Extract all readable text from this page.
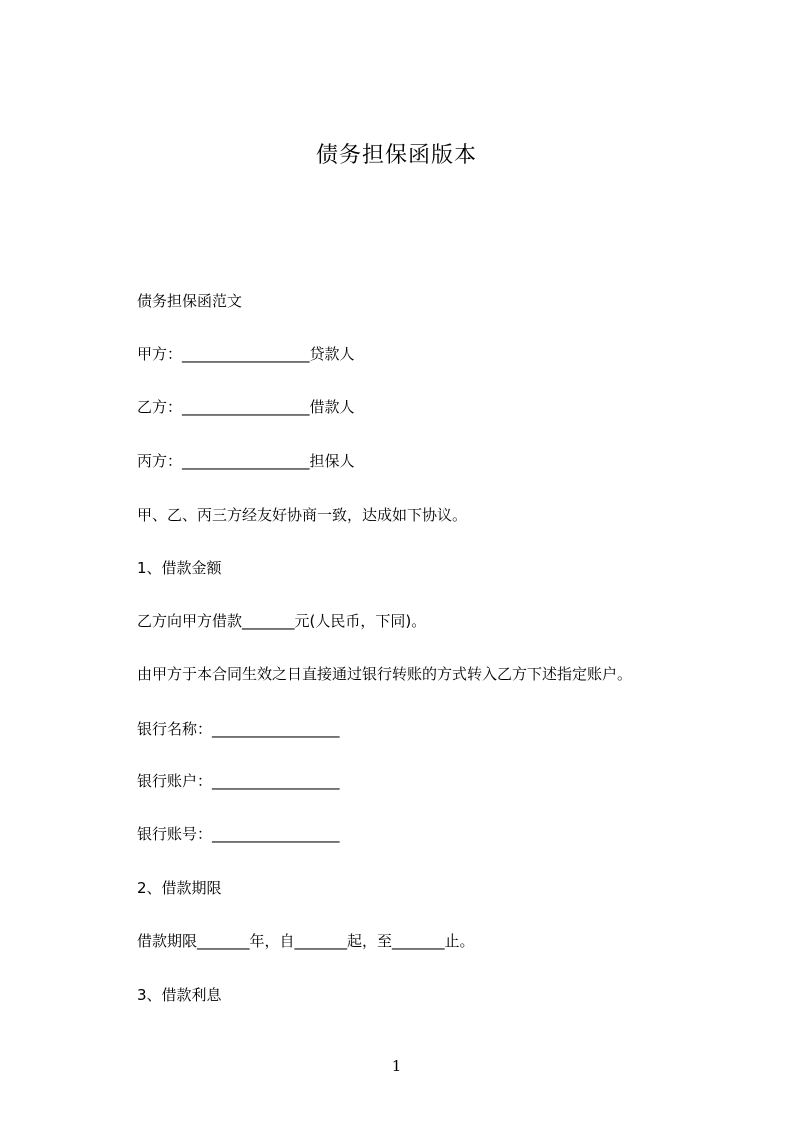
债务担保函版本
债务担保函范文
甲方：_________________贷款人
乙方：_________________借款人
丙方：_________________担保人
甲、乙、丙三方经友好协商一致，达成如下协议。
1、借款金额
乙方向甲方借款_______元(人民币，下同)。
由甲方于本合同生效之日直接通过银行转账的方式转入乙方下述指定账户。
银行名称：_________________
银行账户：_________________
银行账号：_________________
2、借款期限
借款期限_______年，自_______起，至_______止。
3、借款利息
1
